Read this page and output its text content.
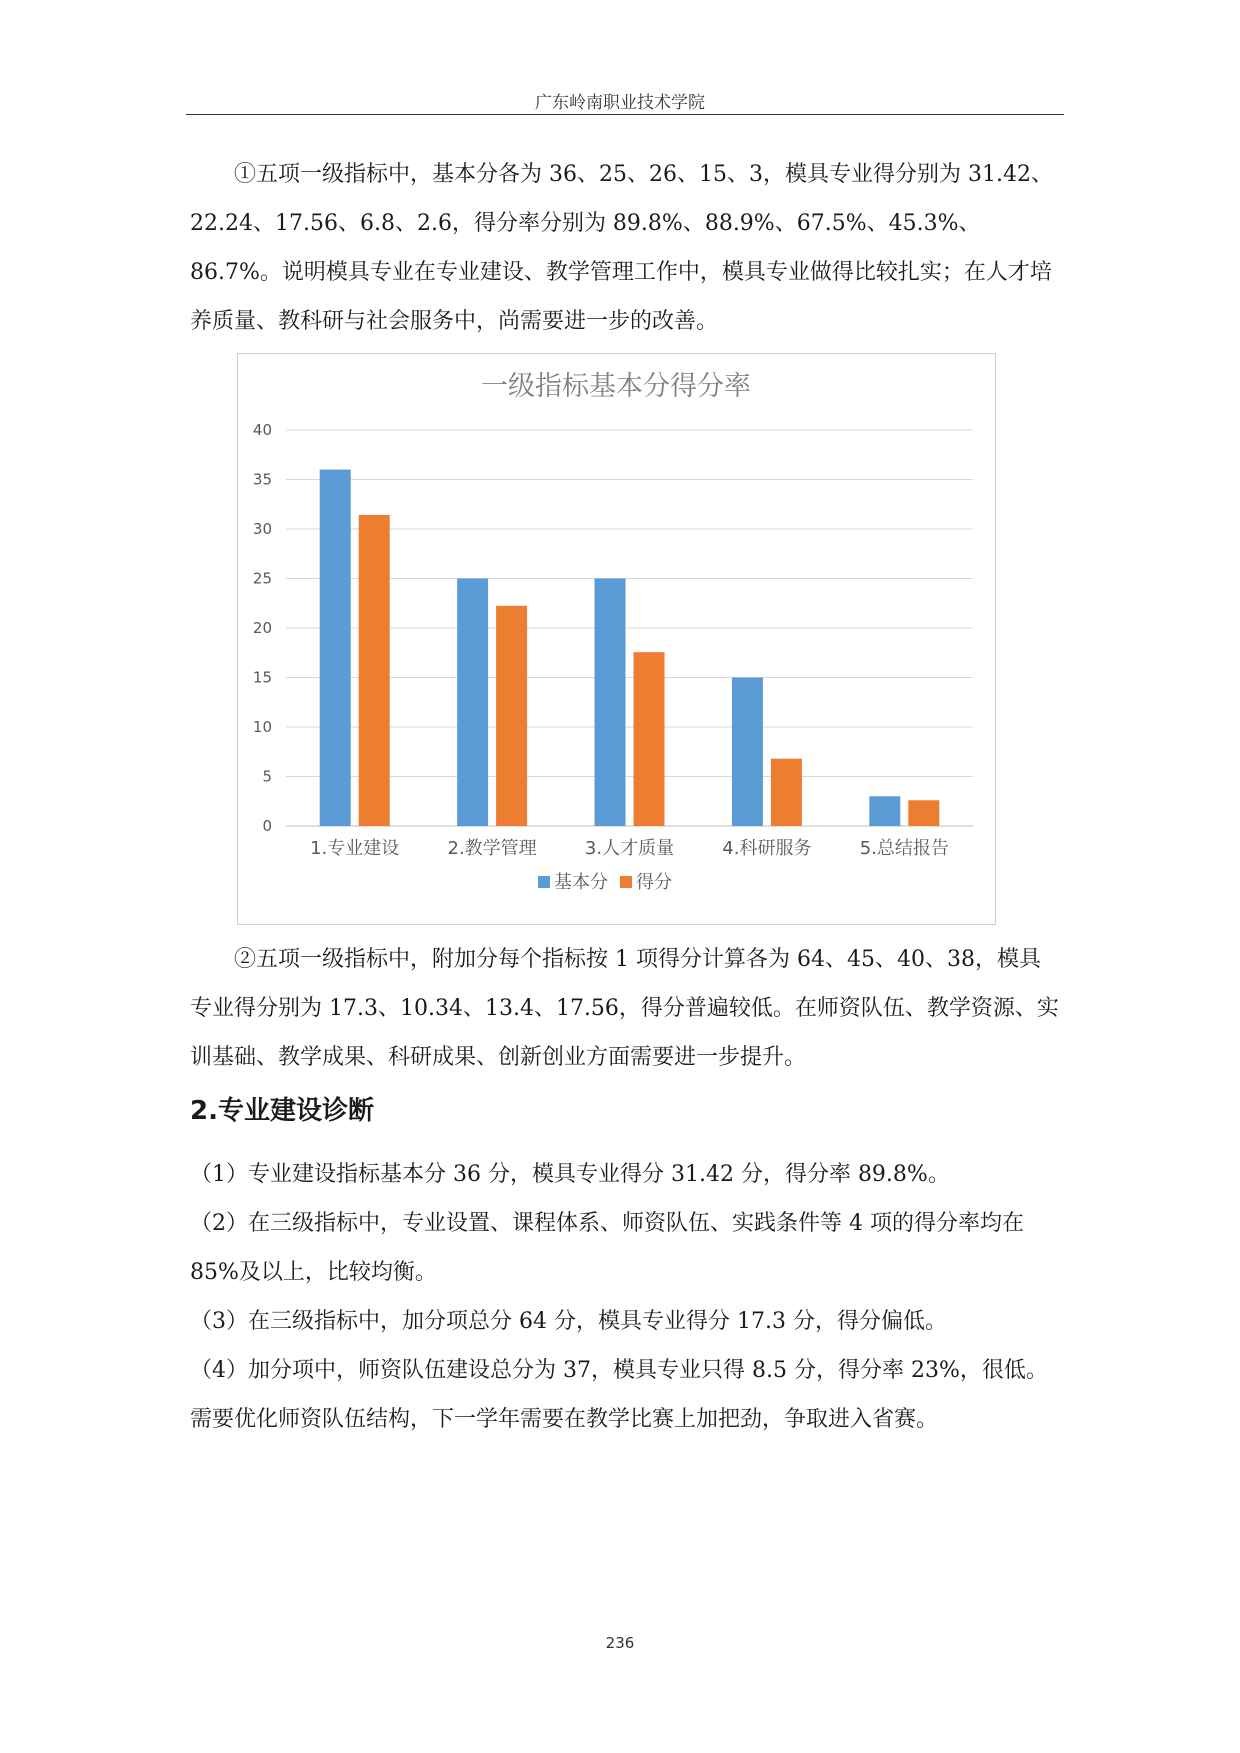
广东岭南职业技术学院

①五项一级指标中，基本分各为 36、25、26、15、3，模具专业得分别为 31.42、22.24、17.56、6.8、2.6，得分率分别为 89.8%、88.9%、67.5%、45.3%、86.7%。说明模具专业在专业建设、教学管理工作中，模具专业做得比较扎实；在人才培养质量、教科研与社会服务中，尚需要进一步的改善。

一级指标基本分得分率
0
5
10
15
20
25
30
35
40
1.专业建设	2.教学管理	3.人才质量	4.科研服务	5.总结报告
基本分 得分

②五项一级指标中，附加分每个指标按 1 项得分计算各为 64、45、40、38，模具专业得分别为 17.3、10.34、13.4、17.56，得分普遍较低。在师资队伍、教学资源、实训基础、教学成果、科研成果、创新创业方面需要进一步提升。

2.专业建设诊断

（1）专业建设指标基本分 36 分，模具专业得分 31.42 分，得分率 89.8%。

（2）在三级指标中，专业设置、课程体系、师资队伍、实践条件等 4 项的得分率均在 85%及以上，比较均衡。

（3）在三级指标中，加分项总分 64 分，模具专业得分 17.3 分，得分偏低。

（4）加分项中，师资队伍建设总分为 37，模具专业只得 8.5 分，得分率 23%，很低。需要优化师资队伍结构，下一学年需要在教学比赛上加把劲，争取进入省赛。

236
